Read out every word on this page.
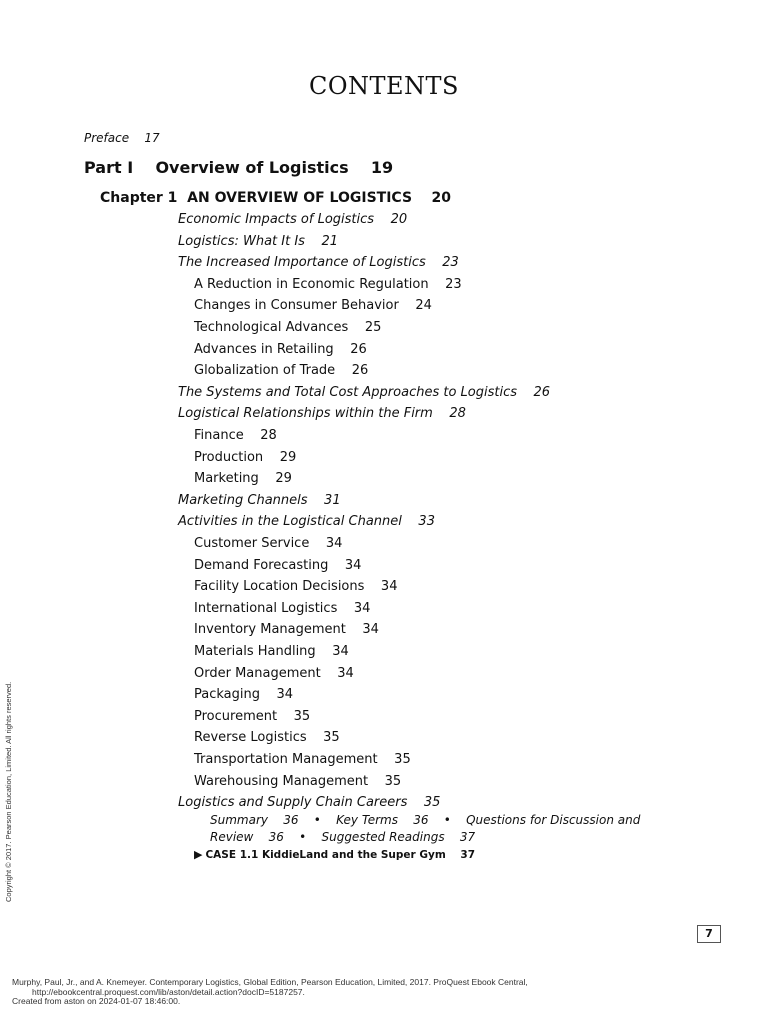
CONTENTS
Preface    17
Part I    Overview of Logistics    19
Chapter 1  AN OVERVIEW OF LOGISTICS    20
Economic Impacts of Logistics    20
Logistics: What It Is    21
The Increased Importance of Logistics    23
A Reduction in Economic Regulation    23
Changes in Consumer Behavior    24
Technological Advances    25
Advances in Retailing    26
Globalization of Trade    26
The Systems and Total Cost Approaches to Logistics    26
Logistical Relationships within the Firm    28
Finance    28
Production    29
Marketing    29
Marketing Channels    31
Activities in the Logistical Channel    33
Customer Service    34
Demand Forecasting    34
Facility Location Decisions    34
International Logistics    34
Inventory Management    34
Materials Handling    34
Order Management    34
Packaging    34
Procurement    35
Reverse Logistics    35
Transportation Management    35
Warehousing Management    35
Logistics and Supply Chain Careers    35
Summary    36    •    Key Terms    36    •    Questions for Discussion and
Review    36    •    Suggested Readings    37
▶ CASE 1.1 KiddieLand and the Super Gym    37
7
Copyright © 2017. Pearson Education, Limited. All rights reserved.
Murphy, Paul, Jr., and A. Knemeyer. Contemporary Logistics, Global Edition, Pearson Education, Limited, 2017. ProQuest Ebook Central,
http://ebookcentral.proquest.com/lib/aston/detail.action?docID=5187257.
Created from aston on 2024-01-07 18:46:00.
